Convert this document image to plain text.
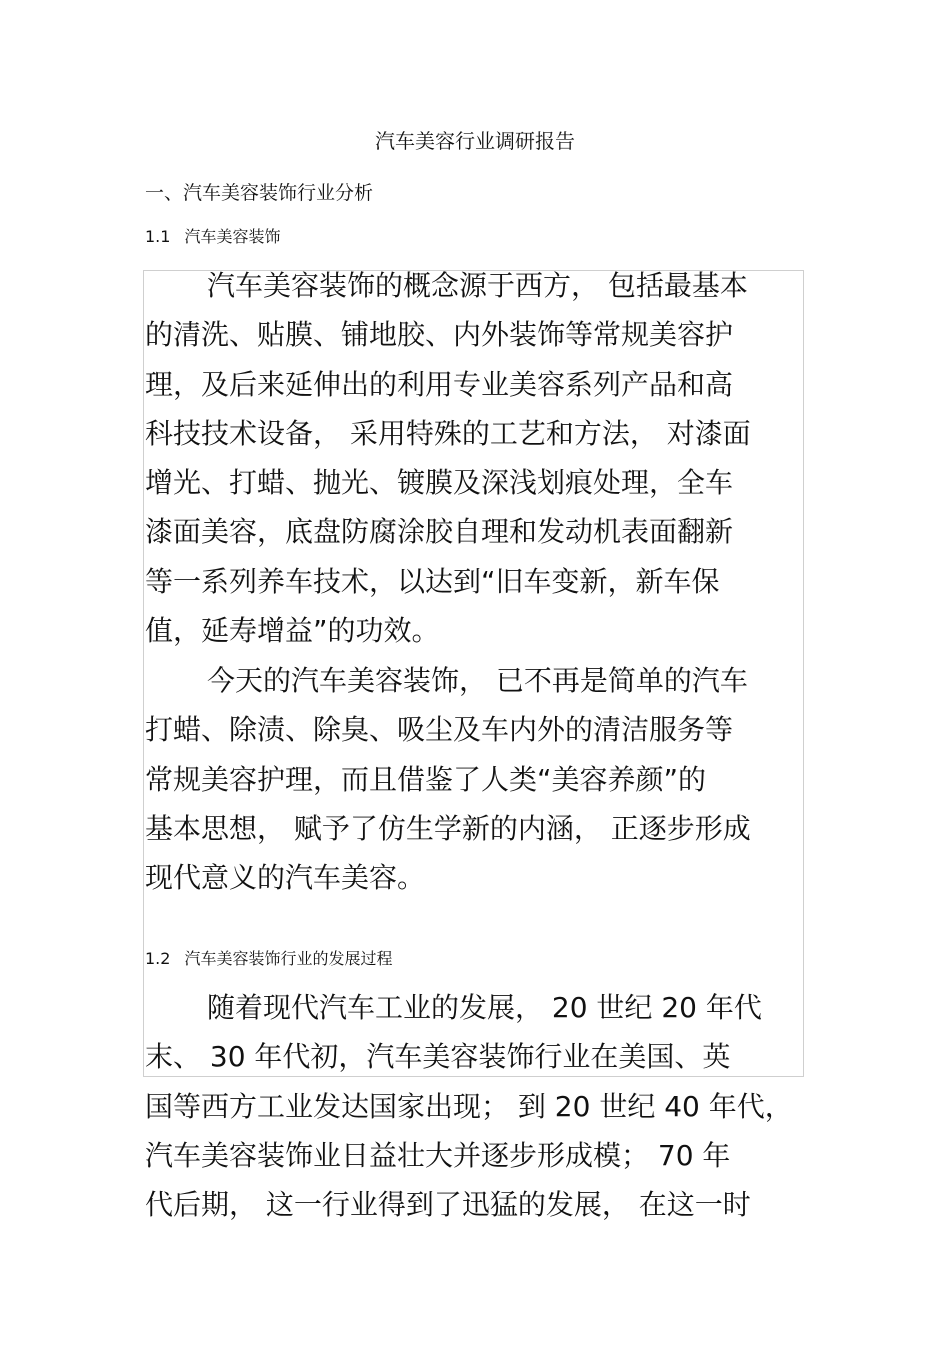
汽车美容行业调研报告
一、汽车美容装饰行业分析
1.1 汽车美容装饰
汽车美容装饰的概念源于西方， 包括最基本
的清洗、贴膜、铺地胶、内外装饰等常规美容护
理，及后来延伸出的利用专业美容系列产品和高
科技技术设备， 采用特殊的工艺和方法， 对漆面
增光、打蜡、抛光、镀膜及深浅划痕处理，全车
漆面美容，底盘防腐涂胶自理和发动机表面翻新
等一系列养车技术，以达到“旧车变新，新车保
值，延寿增益”的功效。
今天的汽车美容装饰， 已不再是简单的汽车
打蜡、除渍、除臭、吸尘及车内外的清洁服务等
常规美容护理，而且借鉴了人类“美容养颜”的
基本思想， 赋予了仿生学新的内涵， 正逐步形成
现代意义的汽车美容。
1.2 汽车美容装饰行业的发展过程
随着现代汽车工业的发展， 20 世纪 20 年代
末、 30 年代初，汽车美容装饰行业在美国、英
国等西方工业发达国家出现； 到 20 世纪 40 年代，
汽车美容装饰业日益壮大并逐步形成模； 70 年
代后期， 这一行业得到了迅猛的发展， 在这一时
